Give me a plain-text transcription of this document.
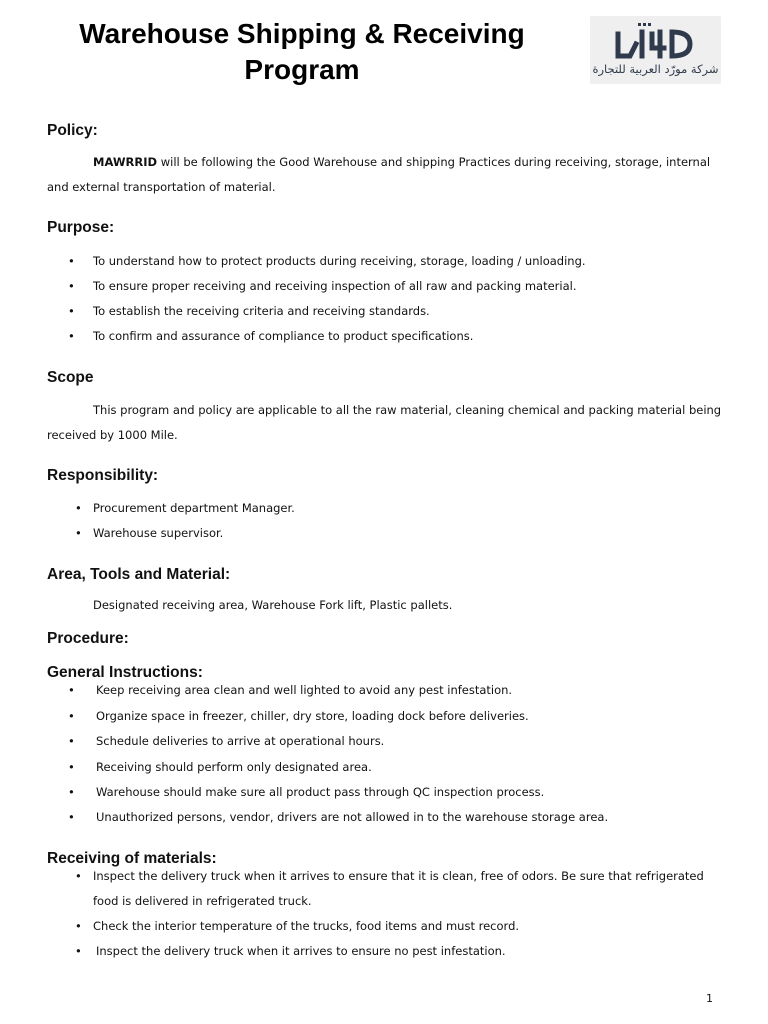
Warehouse Shipping & Receiving
Program	شركة مورّد العربية للتجارة
Policy:
MAWRRID will be following the Good Warehouse and shipping Practices during receiving, storage, internal
and external transportation of material.
Purpose:
• To understand how to protect products during receiving, storage, loading / unloading.
• To ensure proper receiving and receiving inspection of all raw and packing material.
• To establish the receiving criteria and receiving standards.
• To confirm and assurance of compliance to product specifications.
Scope
This program and policy are applicable to all the raw material, cleaning chemical and packing material being
received by 1000 Mile.
Responsibility:
• Procurement department Manager.
• Warehouse supervisor.
Area, Tools and Material:
Designated receiving area, Warehouse Fork lift, Plastic pallets.
Procedure:
General Instructions:
• Keep receiving area clean and well lighted to avoid any pest infestation.
• Organize space in freezer, chiller, dry store, loading dock before deliveries.
• Schedule deliveries to arrive at operational hours.
• Receiving should perform only designated area.
• Warehouse should make sure all product pass through QC inspection process.
• Unauthorized persons, vendor, drivers are not allowed in to the warehouse storage area.
Receiving of materials:
• Inspect the delivery truck when it arrives to ensure that it is clean, free of odors. Be sure that refrigerated
food is delivered in refrigerated truck.
• Check the interior temperature of the trucks, food items and must record.
• Inspect the delivery truck when it arrives to ensure no pest infestation.
1
